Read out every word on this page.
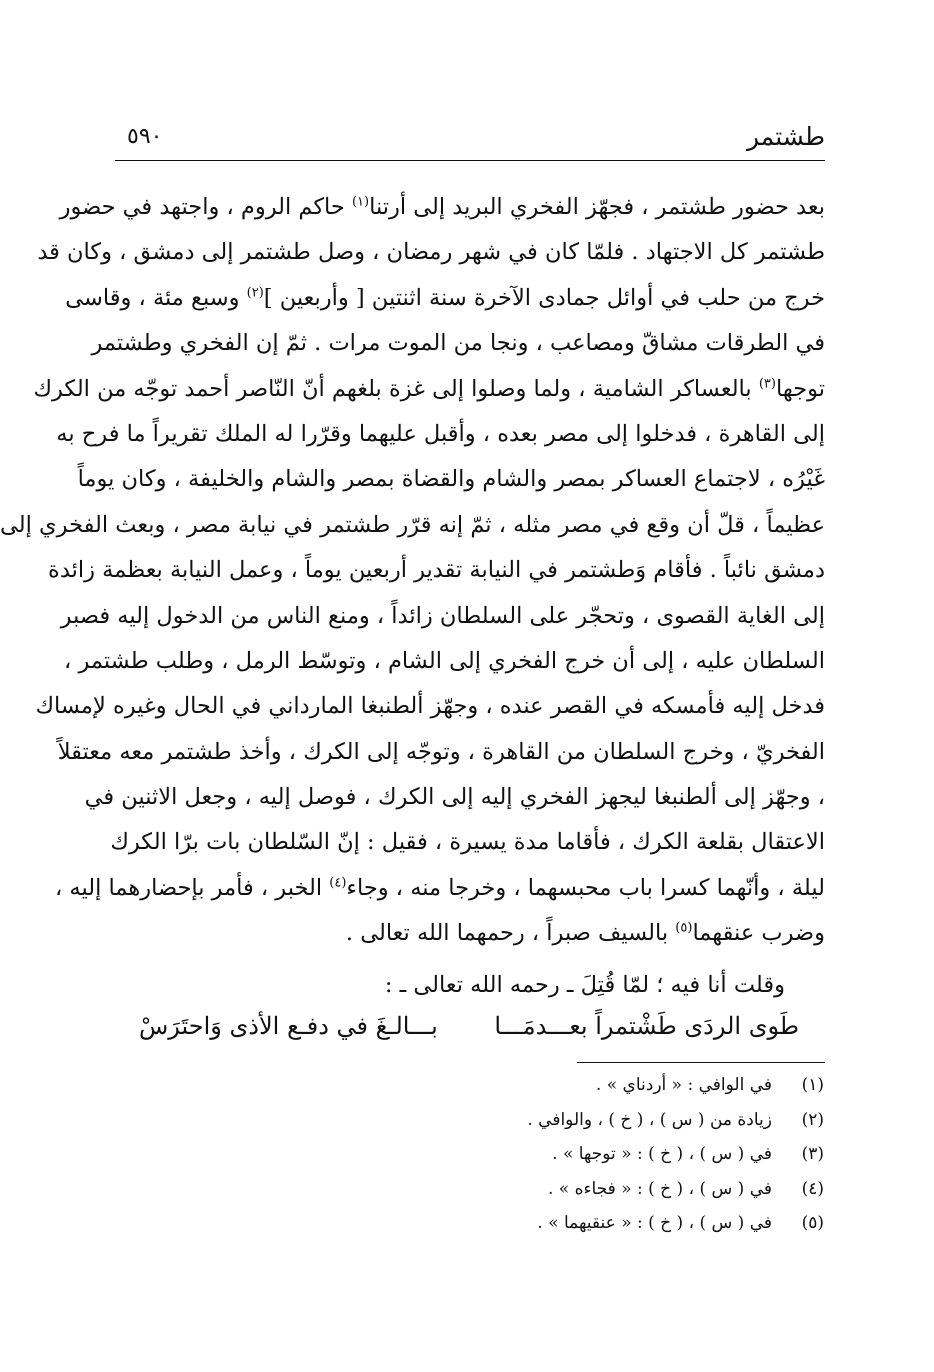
طشتمر
٥٩٠
بعد حضور طشتمر ، فجهّز الفخري البريد إلى أرتنا$^{(١)}$ حاكم الروم ، واجتهد في حضور
طشتمر كل الاجتهاد . فلمّا كان في شهر رمضان ، وصل طشتمر إلى دمشق ، وكان قد
خرج من حلب في أوائل جمادى الآخرة سنة اثنتين [ وأربعين ]$^{(٢)}$ وسبع مئة ، وقاسى
في الطرقات مشاقّ ومصاعب ، ونجا من الموت مرات . ثمّ إن الفخري وطشتمر
توجها$^{(٣)}$ بالعساكر الشامية ، ولما وصلوا إلى غزة بلغهم أنّ النّاصر أحمد توجّه من الكرك
إلى القاهرة ، فدخلوا إلى مصر بعده ، وأقبل عليهما وقرّرا له الملك تقريراً ما فرح به
غَيْرُه ، لاجتماع العساكر بمصر والشام والقضاة بمصر والشام والخليفة ، وكان يوماً
عظيماً ، قلّ أن وقع في مصر مثله ، ثمّ إنه قرّر طشتمر في نيابة مصر ، وبعث الفخري إلى
دمشق نائباً . فأقام وَطشتمر في النيابة تقدير أربعين يوماً ، وعمل النيابة بعظمة زائدة
إلى الغاية القصوى ، وتحجّر على السلطان زائداً ، ومنع الناس من الدخول إليه فصبر
السلطان عليه ، إلى أن خرج الفخري إلى الشام ، وتوسّط الرمل ، وطلب طشتمر ،
فدخل إليه فأمسكه في القصر عنده ، وجهّز ألطنبغا المارداني في الحال وغيره لإمساك
الفخريّ ، وخرج السلطان من القاهرة ، وتوجّه إلى الكرك ، وأخذ طشتمر معه معتقلاً
، وجهّز إلى ألطنبغا ليجهز الفخري إليه إلى الكرك ، فوصل إليه ، وجعل الاثنين في
الاعتقال بقلعة الكرك ، فأقاما مدة يسيرة ، فقيل : إنّ السّلطان بات برّا الكرك
ليلة ، وأنّهما كسرا باب محبسهما ، وخرجا منه ، وجاء$^{(٤)}$ الخبر ، فأمر بإحضارهما إليه ،
وضرب عنقهما$^{(٥)}$ بالسيف صبراً ، رحمهما الله تعالى .
وقلت أنا فيه ؛ لمّا قُتِلَ ـ رحمه الله تعالى ـ :
طَوى الردَى طَشْتمراً بعـــدمَـــا
بـــالـغَ في دفـع الأذى وَاحتَرَسْ
(١)
في الوافي : « أردناي » .
(٢)
زيادة من ( س ) ، ( خ ) ، والوافي .
(٣)
في ( س ) ، ( خ ) : « توجها » .
(٤)
في ( س ) ، ( خ ) : « فجاءه » .
(٥)
في ( س ) ، ( خ ) : « عنقيهما » .
